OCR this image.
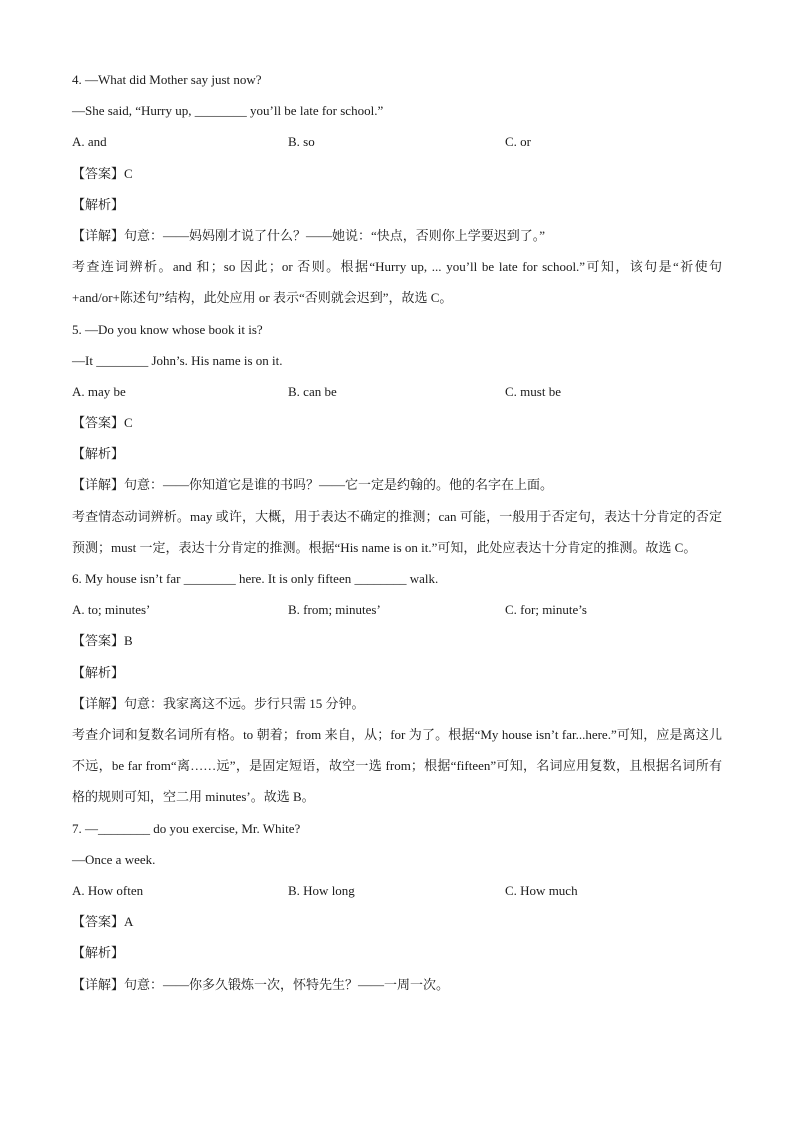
4. —What did Mother say just now?
—She said, “Hurry up, ________ you’ll be late for school.”
A. and	B. so	C. or
【答案】C
【解析】
【详解】句意：——妈妈刚才说了什么？——她说：“快点，否则你上学要迟到了。”
考查连词辨析。and 和；so 因此；or 否则。根据“Hurry up, ... you’ll be late for school.”可知，该句是“祈使句+and/or+陈述句”结构，此处应用 or 表示“否则就会迟到”，故选 C。
5. —Do you know whose book it is?
—It ________ John’s. His name is on it.
A. may be	B. can be	C. must be
【答案】C
【解析】
【详解】句意：——你知道它是谁的书吗？——它一定是约翰的。他的名字在上面。
考查情态动词辨析。may 或许，大概，用于表达不确定的推测；can 可能，一般用于否定句，表达十分肯定的否定预测；must 一定，表达十分肯定的推测。根据“His name is on it.”可知，此处应表达十分肯定的推测。故选 C。
6. My house isn’t far ________ here. It is only fifteen ________ walk.
A. to; minutes’	B. from; minutes’	C. for; minute’s
【答案】B
【解析】
【详解】句意：我家离这不远。步行只需 15 分钟。
考查介词和复数名词所有格。to 朝着；from 来自，从；for 为了。根据“My house isn’t far...here.”可知，应是离这儿不远，be far from“离……远”，是固定短语，故空一选 from；根据“fifteen”可知，名词应用复数，且根据名词所有格的规则可知，空二用 minutes’。故选 B。
7. —________ do you exercise, Mr. White?
—Once a week.
A. How often	B. How long	C. How much
【答案】A
【解析】
【详解】句意：——你多久锻炼一次，怀特先生？——一周一次。
